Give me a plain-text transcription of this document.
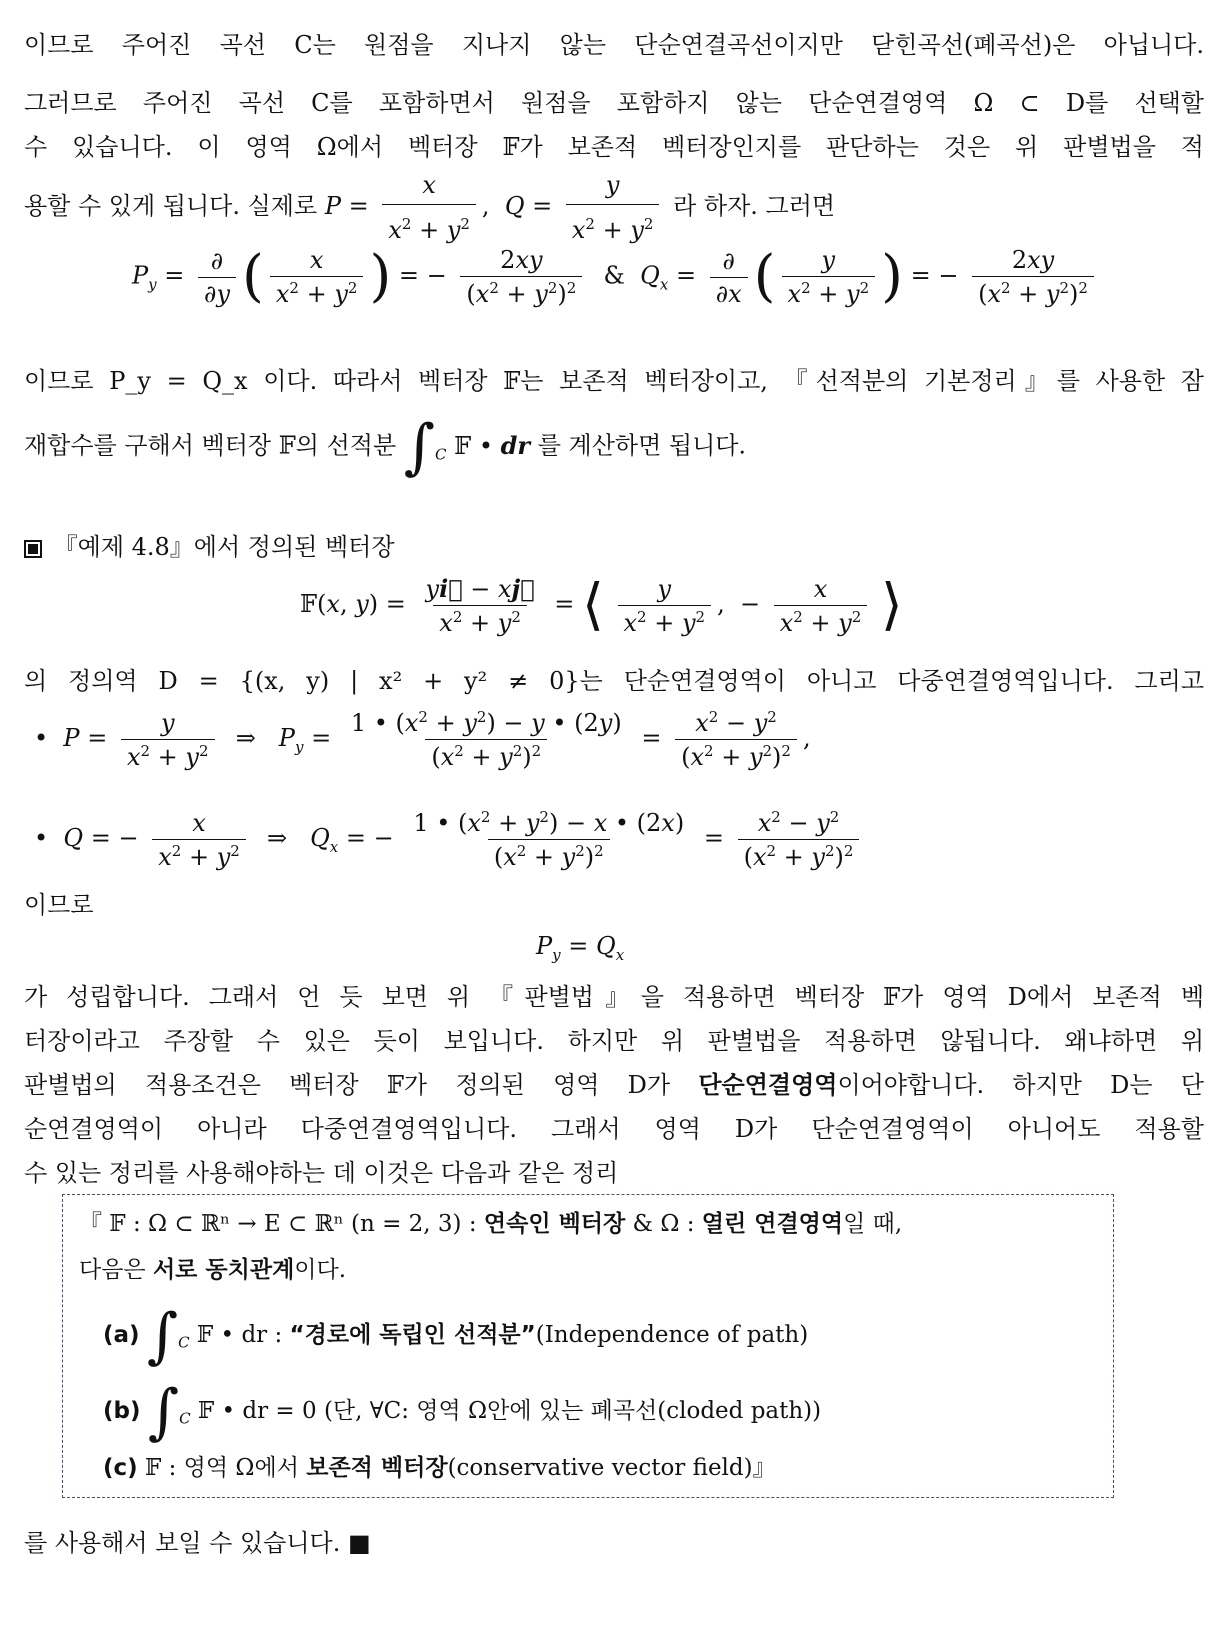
이므로 주어진 곡선 C는 원점을 지나지 않는 단순연결곡선이지만 닫힌곡선(폐곡선)은 아닙니다.
그러므로 주어진 곡선 C를 포함하면서 원점을 포함하지 않는 단순연결영역 Ω ⊂ D를 선택할
수 있습니다. 이 영역 Ω에서 벡터장 𝔽가 보존적 벡터장인지를 판단하는 것은 위 판별법을 적
용할 수 있게 됩니다. 실제로 $P = \frac{x}{x^2 + y^2}$ ,  $Q = \frac{y}{x^2 + y^2}$ 라 하자. 그러면
$P_y = \frac{\partial}{\partial y}$ ( $\frac{x}{x^2 + y^2}$ ) = − $\frac{2xy}{(x^2 + y^2)^2}$ &  $Q_x = \frac{\partial}{\partial x}$ ( $\frac{y}{x^2 + y^2}$ ) = − $\frac{2xy}{(x^2 + y^2)^2}$
이므로 P_y = Q_x 이다. 따라서 벡터장 𝔽는 보존적 벡터장이고, 『선적분의 기본정리』를 사용한 잠
재합수를 구해서 벡터장 𝔽의 선적분 $\int_C$ 𝔽 • dr 를 계산하면 됩니다.
『예제 4.8』에서 정의된 벡터장
𝔽(x, $y) = \frac{yi⃗ - xj⃗}{x^2 + y^2}$ = ⟨ $\frac{y}{x^2 + y^2}$ ,  − $\frac{x}{x^2 + y^2}$ ⟩
의 정의역 D = {(x, y) | x² + y² ≠ 0}는 단순연결영역이 아니고 다중연결영역입니다. 그리고
•  $P = \frac{y}{x^2 + y^2}$ ⇒   $P_y = \frac{1 • (x^2 + y^2) - y • (2y)}{(x^2 + y^2)^2} = \frac{x^2 - y^2}{(x^2 + y^2)^2}$ ,
•  Q = − $\frac{x}{x^2 + y^2}$ ⇒   $Q_x$ = − $\frac{1 • (x^2 + y^2) - x • (2x)}{(x^2 + y^2)^2} = \frac{x^2 - y^2}{(x^2 + y^2)^2}$
이므로
$P_y = Q_x$
가 성립합니다. 그래서 언 듯 보면 위 『판별법』을 적용하면 벡터장 𝔽가 영역 D에서 보존적 벡
터장이라고 주장할 수 있은 듯이 보입니다. 하지만 위 판별법을 적용하면 않됩니다. 왜냐하면 위
판별법의 적용조건은 벡터장 𝔽가 정의된 영역 D가 단순연결영역이어야합니다. 하지만 D는 단
순연결영역이 아니라 다중연결영역입니다. 그래서 영역 D가 단순연결영역이 아니어도 적용할
수 있는 정리를 사용해야하는 데 이것은 다음과 같은 정리
를 사용해서 보일 수 있습니다. ■
『 𝔽 : Ω ⊂ ℝⁿ → E ⊂ ℝⁿ (n = 2, 3) : 연속인 벡터장 & Ω : 열린 연결영역일 때,
다음은 서로 동치관계이다.
(a) $\int_C$ 𝔽 • dr : “경로에 독립인 선적분”(Independence of path)
(b) $\int_C$ 𝔽 • dr = 0 (단, ∀C: 영역 Ω안에 있는 폐곡선(cloded path))
(c) 𝔽 : 영역 Ω에서 보존적 벡터장(conservative vector field)』
